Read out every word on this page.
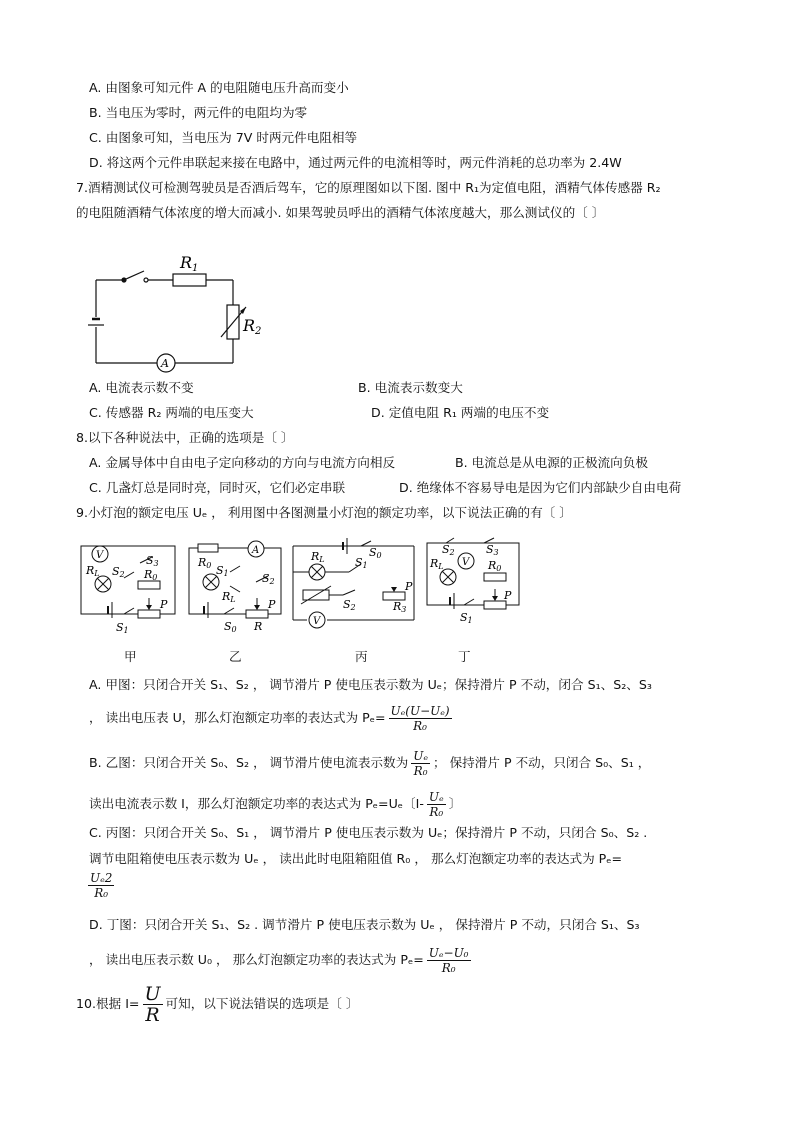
A. 由图象可知元件 A 的电阻随电压升高而变小
B. 当电压为零时，两元件的电阻均为零
C. 由图象可知，当电压为 7V 时两元件电阻相等
D. 将这两个元件串联起来接在电路中，通过两元件的电流相等时，两元件消耗的总功率为 2.4W
7.酒精测试仪可检测驾驶员是否酒后驾车，它的原理图如以下图. 图中 R₁为定值电阻，酒精气体传感器 R₂
的电阻随酒精气体浓度的增大而减小. 如果驾驶员呼出的酒精气体浓度越大，那么测试仪的〔 〕
R1
R2
A
A. 电流表示数不变	B. 电流表示数变大
C. 传感器 R₂ 两端的电压变大	D. 定值电阻 R₁ 两端的电压不变
8.以下各种说法中，正确的选项是〔 〕
A. 金属导体中自由电子定向移动的方向与电流方向相反	B. 电流总是从电源的正极流向负极
C. 几盏灯总是同时亮，同时灭，它们必定串联	D. 绝缘体不容易导电是因为它们内部缺少自由电荷
9.小灯泡的额定电压 Uₑ ， 利用图中各图测量小灯泡的额定功率，以下说法正确的有〔 〕
V	S3
S2
RL	R0
S1
P
A
R0 S1
RL
S2
S0 R
P
V
RL
S0
S1
S2	R3
P
V
S2	S3
RL	R0
S1
P
甲	乙	丙	丁
A. 甲图：只闭合开关 S₁、S₂ ， 调节滑片 P 使电压表示数为 Uₑ；保持滑片 P 不动，闭合 S₁、S₂、S₃
， 读出电压表 U，那么灯泡额定功率的表达式为 $P_e= \frac{\text{Uₑ(U−Uₑ)}}{\text{R₀}}$
B. 乙图：只闭合开关 S₀、S₂ ， 调节滑片使电流表示数为 $\frac{\text{Uₑ}}{\text{R₀}}$ ； 保持滑片 P 不动，只闭合 S₀、S₁ ，
读出电流表示数 I，那么灯泡额定功率的表达式为 Pₑ=Uₑ〔$I- \frac{\text{Uₑ}}{\text{R₀}}$ 〕
C. 丙图：只闭合开关 S₀、S₁ ， 调节滑片 P 使电压表示数为 Uₑ；保持滑片 P 不动，只闭合 S₀、S₂ .
调节电阻箱使电压表示数为 Uₑ ， 读出此时电阻箱阻值 R₀ ， 那么灯泡额定功率的表达式为 Pₑ=
$\frac{\text{Uₑ2}}{\text{R₀}}$
D. 丁图：只闭合开关 S₁、S₂ . 调节滑片 P 使电压表示数为 Uₑ ， 保持滑片 P 不动，只闭合 S₁、S₃
， 读出电压表示数 U₀ ， 那么灯泡额定功率的表达式为 $P_e= \frac{\text{Uₑ−U₀}}{\text{R₀}}$
10.根据 $I= \frac{U}{R}$ 可知，以下说法错误的选项是〔 〕
